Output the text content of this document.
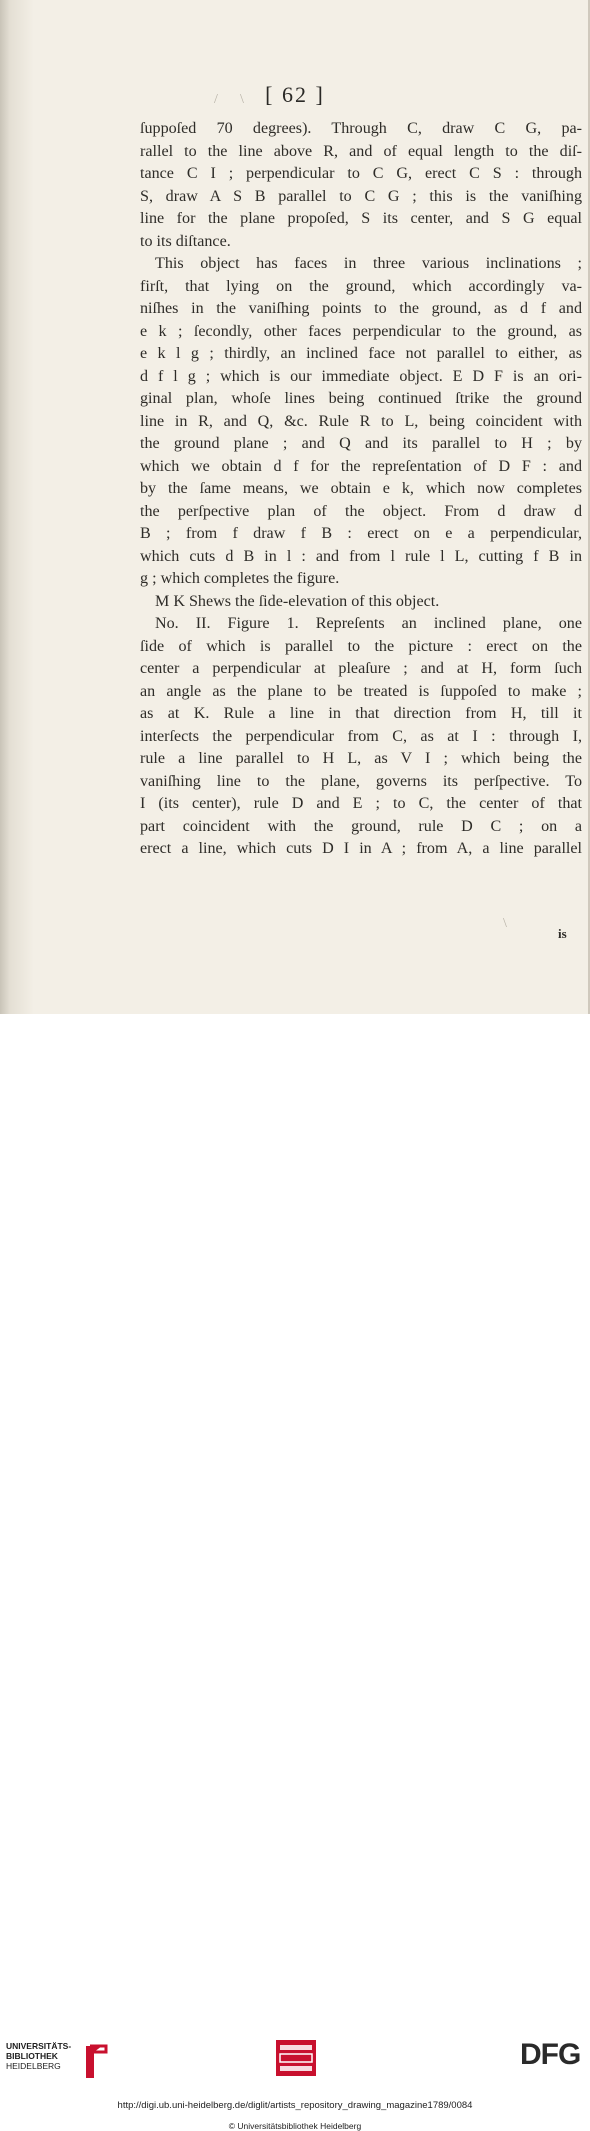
/ \
\
[ 62 ]
ſuppoſed 70 degrees). Through C, draw C G, pa-
rallel to the line above R, and of equal length to the diſ-
tance C I ; perpendicular to C G, erect C S : through
S, draw A S B parallel to C G ; this is the vaniſhing
line for the plane propoſed, S its center, and S G equal
to its diſtance.
This object has faces in three various inclinations ;
firſt, that lying on the ground, which accordingly va-
niſhes in the vaniſhing points to the ground, as d f and
e k ; ſecondly, other faces perpendicular to the ground, as
e k l g ; thirdly, an inclined face not parallel to either, as
d f l g ; which is our immediate object. E D F is an ori-
ginal plan, whoſe lines being continued ſtrike the ground
line in R, and Q, &c. Rule R to L, being coincident with
the ground plane ; and Q and its parallel to H ; by
which we obtain d f for the repreſentation of D F : and
by the ſame means, we obtain e k, which now completes
the perſpective plan of the object. From d draw d
B ; from f draw f B : erect on e a perpendicular,
which cuts d B in l : and from l rule l L, cutting f B in
g ; which completes the figure.
M K Shews the ſide-elevation of this object.
No. II. Figure 1. Repreſents an inclined plane, one
ſide of which is parallel to the picture : erect on the
center a perpendicular at pleaſure ; and at H, form ſuch
an angle as the plane to be treated is ſuppoſed to make ;
as at K. Rule a line in that direction from H, till it
interſects the perpendicular from C, as at I : through I,
rule a line parallel to H L, as V I ; which being the
vaniſhing line to the plane, governs its perſpective. To
I (its center), rule D and E ; to C, the center of that
part coincident with the ground, rule D C ; on a
erect a line, which cuts D I in A ; from A, a line parallel
is
UNIVERSITÄTS-
BIBLIOTHEK
HEIDELBERG	DFG
http://digi.ub.uni-heidelberg.de/diglit/artists_repository_drawing_magazine1789/0084
© Universitätsbibliothek Heidelberg
